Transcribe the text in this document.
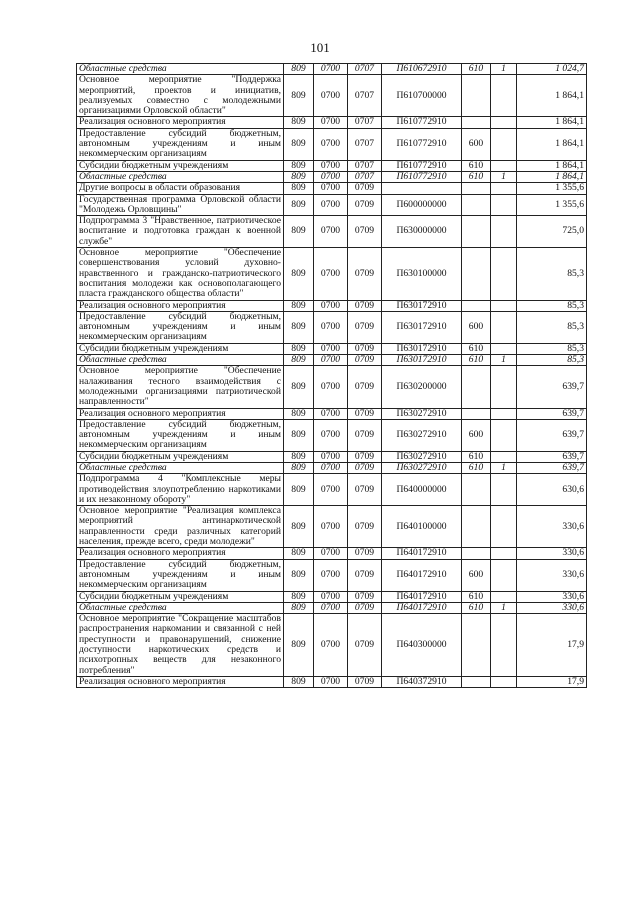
101
Областные средства	809	0700	0707	П610672910	610	1	1 024,7
Основное мероприятие "Поддержка мероприятий, проектов и инициатив, реализуемых совместно с молодежными организациями Орловской области"	809	0700	0707	П610700000			1 864,1
Реализация основного мероприятия	809	0700	0707	П610772910			1 864,1
Предоставление субсидий бюджетным, автономным учреждениям и иным некоммерческим организациям	809	0700	0707	П610772910	600		1 864,1
Субсидии бюджетным учреждениям	809	0700	0707	П610772910	610		1 864,1
Областные средства	809	0700	0707	П610772910	610	1	1 864,1
Другие вопросы в области образования	809	0700	0709				1 355,6
Государственная программа Орловской области "Молодежь Орловщины"	809	0700	0709	П600000000			1 355,6
Подпрограмма 3 "Нравственное, патриотическое воспитание и подготовка граждан к военной службе"	809	0700	0709	П630000000			725,0
Основное мероприятие "Обеспечение совершенствования условий духовно-нравственного и гражданско-патриотического воспитания молодежи как основополагающего пласта гражданского общества области"	809	0700	0709	П630100000			85,3
Реализация основного мероприятия	809	0700	0709	П630172910			85,3
Предоставление субсидий бюджетным, автономным учреждениям и иным некоммерческим организациям	809	0700	0709	П630172910	600		85,3
Субсидии бюджетным учреждениям	809	0700	0709	П630172910	610		85,3
Областные средства	809	0700	0709	П630172910	610	1	85,3
Основное мероприятие "Обеспечение налаживания тесного взаимодействия с молодежными организациями патриотической направленности"	809	0700	0709	П630200000			639,7
Реализация основного мероприятия	809	0700	0709	П630272910			639,7
Предоставление субсидий бюджетным, автономным учреждениям и иным некоммерческим организациям	809	0700	0709	П630272910	600		639,7
Субсидии бюджетным учреждениям	809	0700	0709	П630272910	610		639,7
Областные средства	809	0700	0709	П630272910	610	1	639,7
Подпрограмма 4 "Комплексные меры противодействия злоупотреблению наркотиками и их незаконному обороту"	809	0700	0709	П640000000			630,6
Основное мероприятие "Реализация комплекса мероприятий антинаркотической направленности среди различных категорий населения, прежде всего, среди молодежи"	809	0700	0709	П640100000			330,6
Реализация основного мероприятия	809	0700	0709	П640172910			330,6
Предоставление субсидий бюджетным, автономным учреждениям и иным некоммерческим организациям	809	0700	0709	П640172910	600		330,6
Субсидии бюджетным учреждениям	809	0700	0709	П640172910	610		330,6
Областные средства	809	0700	0709	П640172910	610	1	330,6
Основное мероприятие "Сокращение масштабов распространения наркомании и связанной с ней преступности и правонарушений, снижение доступности наркотических средств и психотропных веществ для незаконного потребления"	809	0700	0709	П640300000			17,9
Реализация основного мероприятия	809	0700	0709	П640372910			17,9
